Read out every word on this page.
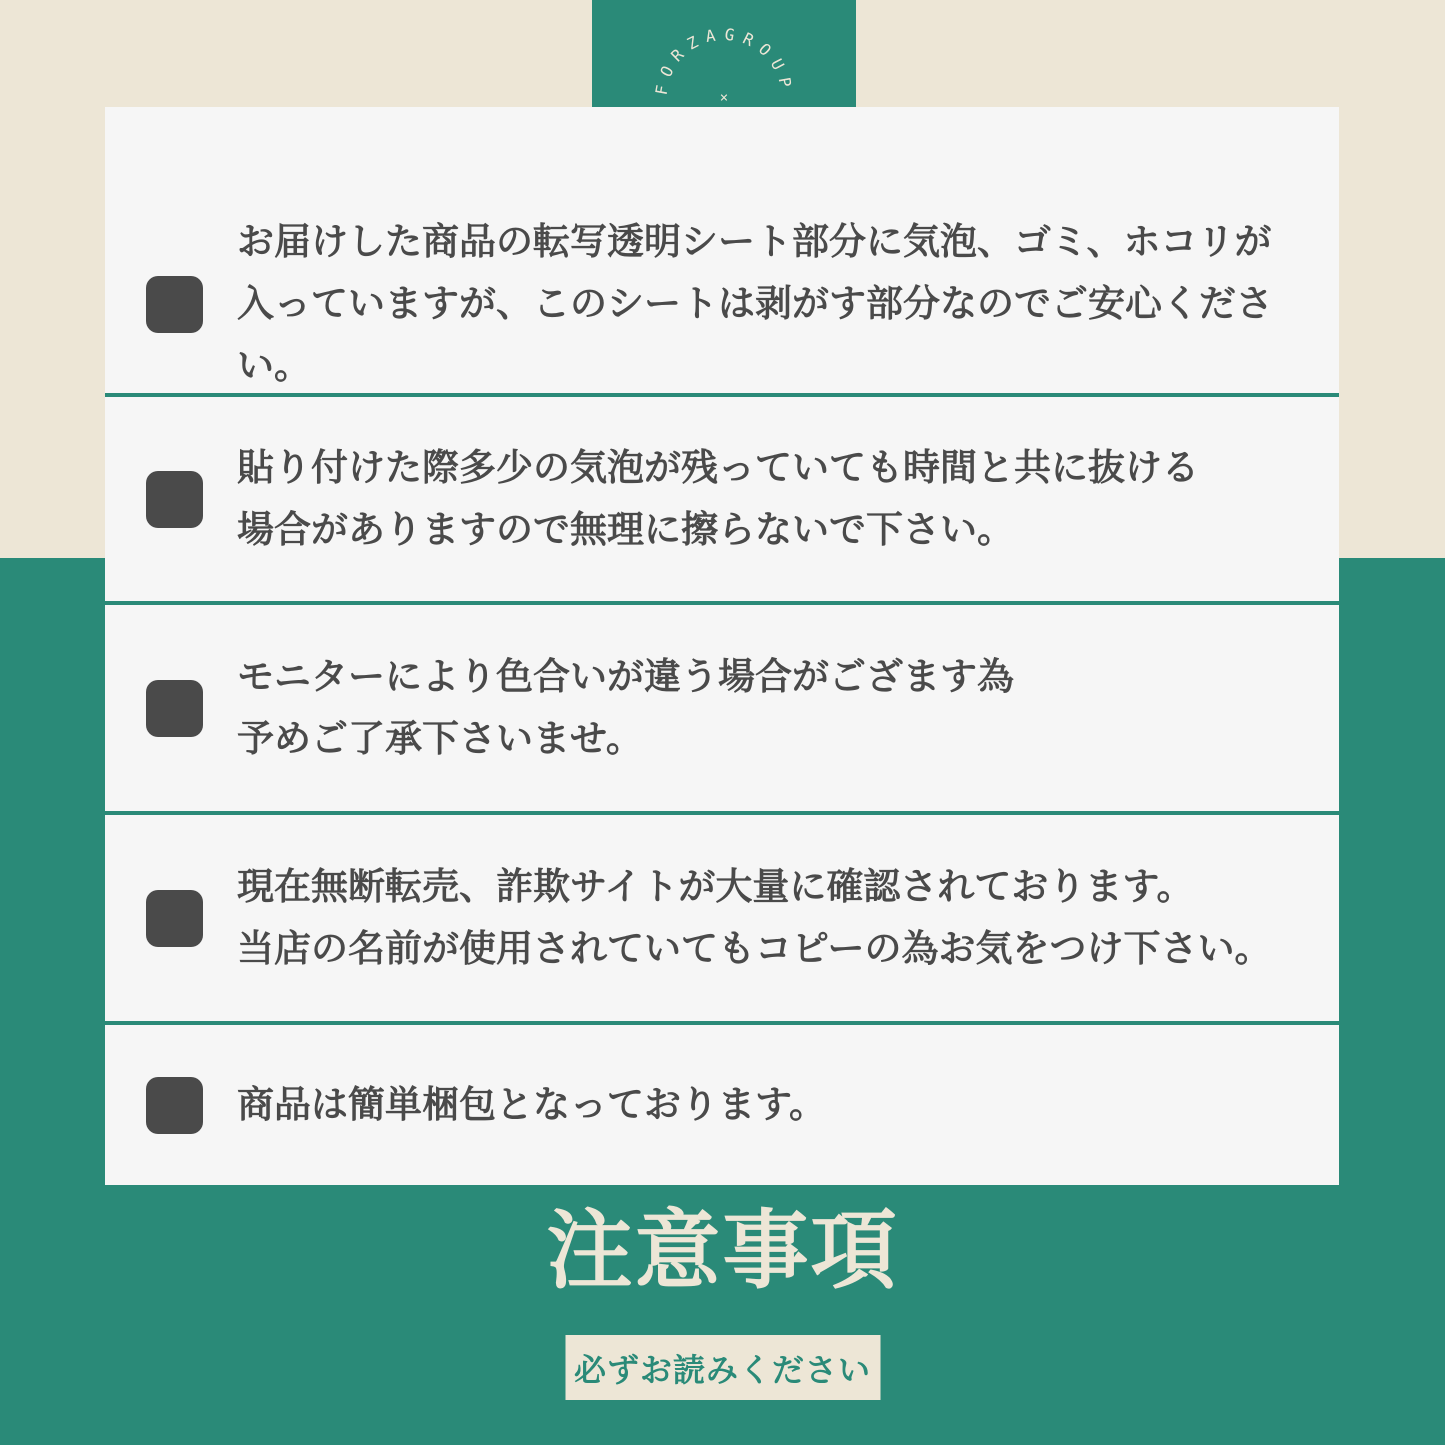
FORZAGROUP
×
お届けした商品の転写透明シート部分に気泡、ゴミ、ホコリが
入っていますが、このシートは剥がす部分なのでご安心ください。
貼り付けた際多少の気泡が残っていても時間と共に抜ける
場合がありますので無理に擦らないで下さい。
モニターにより色合いが違う場合がござます為
予めご了承下さいませ。
現在無断転売、詐欺サイトが大量に確認されております。
当店の名前が使用されていてもコピーの為お気をつけ下さい。
商品は簡単梱包となっております。
注意事項
必ずお読みください
